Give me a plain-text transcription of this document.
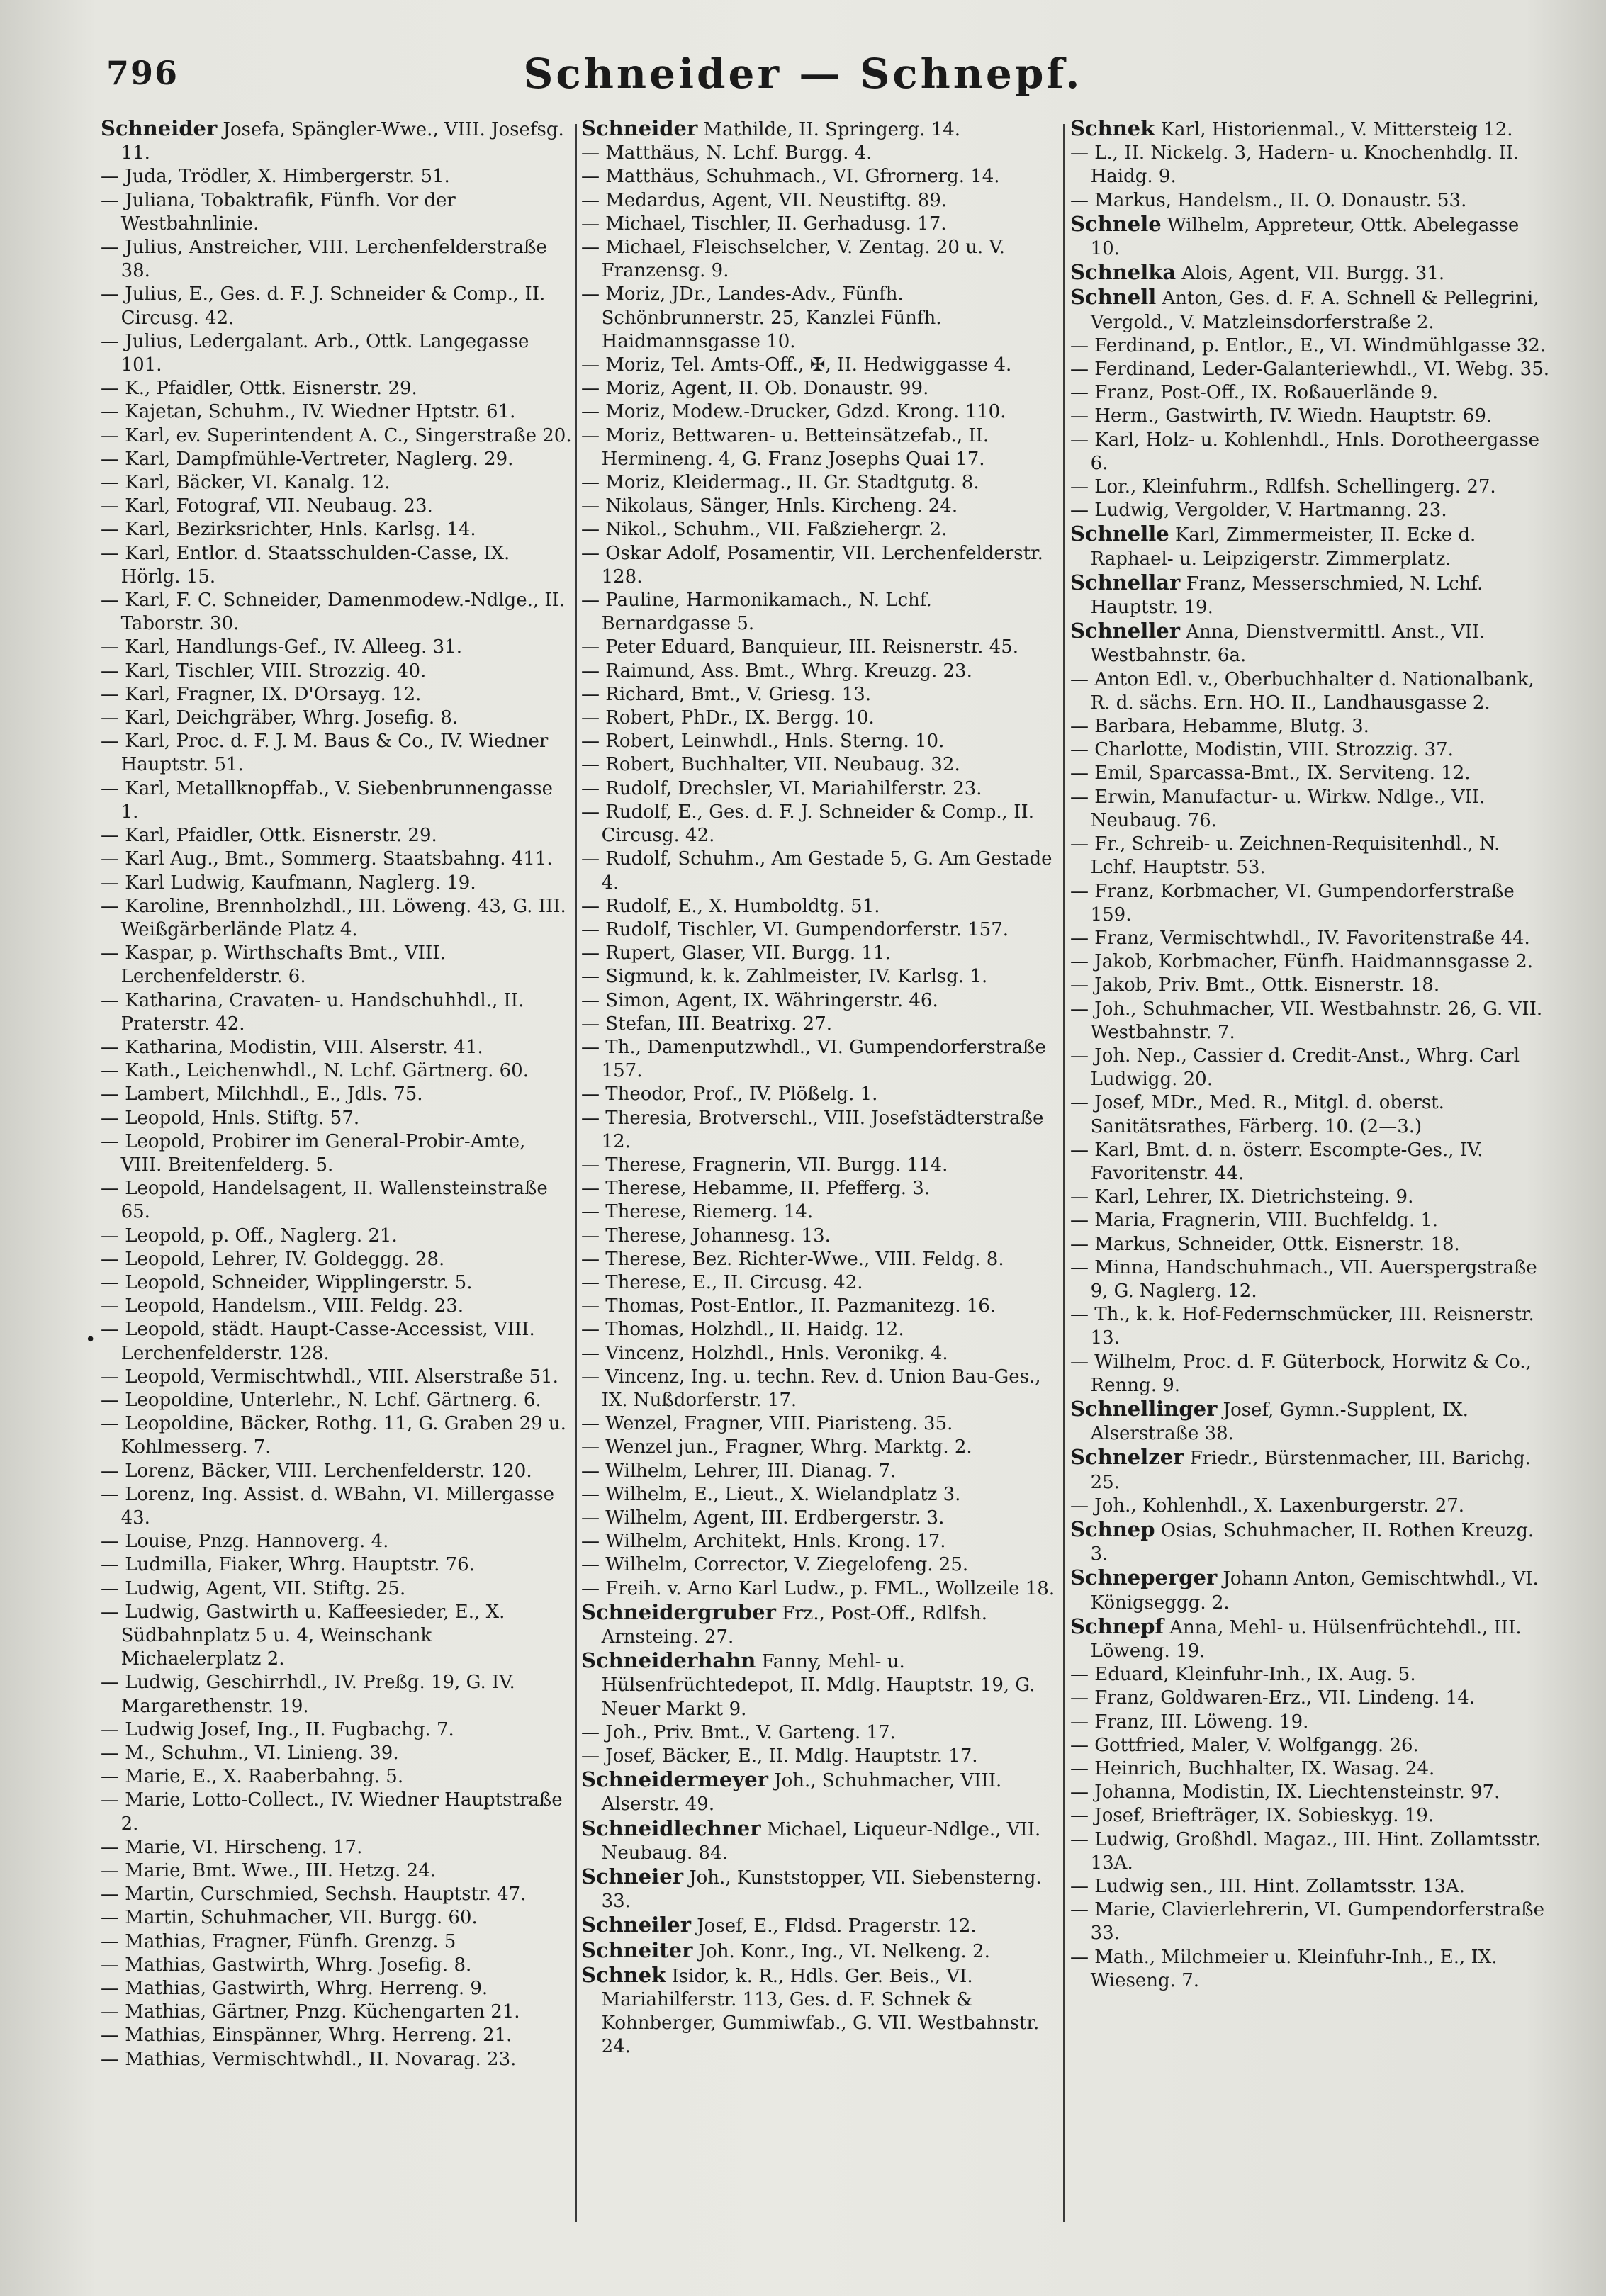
796	Schneider — Schnepf.
•

Schneider Josefa, Spängler-Wwe., VIII. Josefsg. 11.

— Juda, Trödler, X. Himbergerstr. 51.

— Juliana, Tobaktrafik, Fünfh. Vor der Westbahnlinie.

— Julius, Anstreicher, VIII. Lerchenfelderstraße 38.

— Julius, E., Ges. d. F. J. Schneider & Comp., II. Circusg. 42.

— Julius, Ledergalant. Arb., Ottk. Langegasse 101.

— K., Pfaidler, Ottk. Eisnerstr. 29.

— Kajetan, Schuhm., IV. Wiedner Hptstr. 61.

— Karl, ev. Superintendent A. C., Singerstraße 20.

— Karl, Dampfmühle-Vertreter, Naglerg. 29.

— Karl, Bäcker, VI. Kanalg. 12.

— Karl, Fotograf, VII. Neubaug. 23.

— Karl, Bezirksrichter, Hnls. Karlsg. 14.

— Karl, Entlor. d. Staatsschulden-Casse, IX. Hörlg. 15.

— Karl, F. C. Schneider, Damenmodew.-Ndlge., II. Taborstr. 30.

— Karl, Handlungs-Gef., IV. Alleeg. 31.

— Karl, Tischler, VIII. Strozzig. 40.

— Karl, Fragner, IX. D'Orsayg. 12.

— Karl, Deichgräber, Whrg. Josefig. 8.

— Karl, Proc. d. F. J. M. Baus & Co., IV. Wiedner Hauptstr. 51.

— Karl, Metallknopffab., V. Siebenbrunnengasse 1.

— Karl, Pfaidler, Ottk. Eisnerstr. 29.

— Karl Aug., Bmt., Sommerg. Staatsbahng. 411.

— Karl Ludwig, Kaufmann, Naglerg. 19.

— Karoline, Brennholzhdl., III. Löweng. 43, G. III. Weißgärberlände Platz 4.

— Kaspar, p. Wirthschafts Bmt., VIII. Lerchenfelderstr. 6.

— Katharina, Cravaten- u. Handschuhhdl., II. Praterstr. 42.

— Katharina, Modistin, VIII. Alserstr. 41.

— Kath., Leichenwhdl., N. Lchf. Gärtnerg. 60.

— Lambert, Milchhdl., E., Jdls. 75.

— Leopold, Hnls. Stiftg. 57.

— Leopold, Probirer im General-Probir-Amte, VIII. Breitenfelderg. 5.

— Leopold, Handelsagent, II. Wallensteinstraße 65.

— Leopold, p. Off., Naglerg. 21.

— Leopold, Lehrer, IV. Goldeggg. 28.

— Leopold, Schneider, Wipplingerstr. 5.

— Leopold, Handelsm., VIII. Feldg. 23.

— Leopold, städt. Haupt-Casse-Accessist, VIII. Lerchenfelderstr. 128.

— Leopold, Vermischtwhdl., VIII. Alserstraße 51.

— Leopoldine, Unterlehr., N. Lchf. Gärtnerg. 6.

— Leopoldine, Bäcker, Rothg. 11, G. Graben 29 u. Kohlmesserg. 7.

— Lorenz, Bäcker, VIII. Lerchenfelderstr. 120.

— Lorenz, Ing. Assist. d. WBahn, VI. Millergasse 43.

— Louise, Pnzg. Hannoverg. 4.

— Ludmilla, Fiaker, Whrg. Hauptstr. 76.

— Ludwig, Agent, VII. Stiftg. 25.

— Ludwig, Gastwirth u. Kaffeesieder, E., X. Südbahnplatz 5 u. 4, Weinschank Michaelerplatz 2.

— Ludwig, Geschirrhdl., IV. Preßg. 19, G. IV. Margarethenstr. 19.

— Ludwig Josef, Ing., II. Fugbachg. 7.

— M., Schuhm., VI. Linieng. 39.

— Marie, E., X. Raaberbahng. 5.

— Marie, Lotto-Collect., IV. Wiedner Hauptstraße 2.

— Marie, VI. Hirscheng. 17.

— Marie, Bmt. Wwe., III. Hetzg. 24.

— Martin, Curschmied, Sechsh. Hauptstr. 47.

— Martin, Schuhmacher, VII. Burgg. 60.

— Mathias, Fragner, Fünfh. Grenzg. 5

— Mathias, Gastwirth, Whrg. Josefig. 8.

— Mathias, Gastwirth, Whrg. Herreng. 9.

— Mathias, Gärtner, Pnzg. Küchengarten 21.

— Mathias, Einspänner, Whrg. Herreng. 21.

— Mathias, Vermischtwhdl., II. Novarag. 23.

Schneider Mathilde, II. Springerg. 14.

— Matthäus, N. Lchf. Burgg. 4.

— Matthäus, Schuhmach., VI. Gfrornerg. 14.

— Medardus, Agent, VII. Neustiftg. 89.

— Michael, Tischler, II. Gerhadusg. 17.

— Michael, Fleischselcher, V. Zentag. 20 u. V. Franzensg. 9.

— Moriz, JDr., Landes-Adv., Fünfh. Schönbrunnerstr. 25, Kanzlei Fünfh. Haidmannsgasse 10.

— Moriz, Tel. Amts-Off., ✠, II. Hedwiggasse 4.

— Moriz, Agent, II. Ob. Donaustr. 99.

— Moriz, Modew.-Drucker, Gdzd. Krong. 110.

— Moriz, Bettwaren- u. Betteinsätzefab., II. Hermineng. 4, G. Franz Josephs Quai 17.

— Moriz, Kleidermag., II. Gr. Stadtgutg. 8.

— Nikolaus, Sänger, Hnls. Kircheng. 24.

— Nikol., Schuhm., VII. Faßziehergr. 2.

— Oskar Adolf, Posamentir, VII. Lerchenfelderstr. 128.

— Pauline, Harmonikamach., N. Lchf. Bernardgasse 5.

— Peter Eduard, Banquieur, III. Reisnerstr. 45.

— Raimund, Ass. Bmt., Whrg. Kreuzg. 23.

— Richard, Bmt., V. Griesg. 13.

— Robert, PhDr., IX. Bergg. 10.

— Robert, Leinwhdl., Hnls. Sterng. 10.

— Robert, Buchhalter, VII. Neubaug. 32.

— Rudolf, Drechsler, VI. Mariahilferstr. 23.

— Rudolf, E., Ges. d. F. J. Schneider & Comp., II. Circusg. 42.

— Rudolf, Schuhm., Am Gestade 5, G. Am Gestade 4.

— Rudolf, E., X. Humboldtg. 51.

— Rudolf, Tischler, VI. Gumpendorferstr. 157.

— Rupert, Glaser, VII. Burgg. 11.

— Sigmund, k. k. Zahlmeister, IV. Karlsg. 1.

— Simon, Agent, IX. Währingerstr. 46.

— Stefan, III. Beatrixg. 27.

— Th., Damenputzwhdl., VI. Gumpendorferstraße 157.

— Theodor, Prof., IV. Plößelg. 1.

— Theresia, Brotverschl., VIII. Josefstädterstraße 12.

— Therese, Fragnerin, VII. Burgg. 114.

— Therese, Hebamme, II. Pfefferg. 3.

— Therese, Riemerg. 14.

— Therese, Johannesg. 13.

— Therese, Bez. Richter-Wwe., VIII. Feldg. 8.

— Therese, E., II. Circusg. 42.

— Thomas, Post-Entlor., II. Pazmanitezg. 16.

— Thomas, Holzhdl., II. Haidg. 12.

— Vincenz, Holzhdl., Hnls. Veronikg. 4.

— Vincenz, Ing. u. techn. Rev. d. Union Bau-Ges., IX. Nußdorferstr. 17.

— Wenzel, Fragner, VIII. Piaristeng. 35.

— Wenzel jun., Fragner, Whrg. Marktg. 2.

— Wilhelm, Lehrer, III. Dianag. 7.

— Wilhelm, E., Lieut., X. Wielandplatz 3.

— Wilhelm, Agent, III. Erdbergerstr. 3.

— Wilhelm, Architekt, Hnls. Krong. 17.

— Wilhelm, Corrector, V. Ziegelofeng. 25.

— Freih. v. Arno Karl Ludw., p. FML., Wollzeile 18.

Schneidergruber Frz., Post-Off., Rdlfsh. Arnsteing. 27.

Schneiderhahn Fanny, Mehl- u. Hülsenfrüchtedepot, II. Mdlg. Hauptstr. 19, G. Neuer Markt 9.

— Joh., Priv. Bmt., V. Garteng. 17.

— Josef, Bäcker, E., II. Mdlg. Hauptstr. 17.

Schneidermeyer Joh., Schuhmacher, VIII. Alserstr. 49.

Schneidlechner Michael, Liqueur-Ndlge., VII. Neubaug. 84.

Schneier Joh., Kunststopper, VII. Siebensterng. 33.

Schneiler Josef, E., Fldsd. Pragerstr. 12.

Schneiter Joh. Konr., Ing., VI. Nelkeng. 2.

Schnek Isidor, k. R., Hdls. Ger. Beis., VI. Mariahilferstr. 113, Ges. d. F. Schnek & Kohnberger, Gummiwfab., G. VII. Westbahnstr. 24.

Schnek Karl, Historienmal., V. Mittersteig 12.

— L., II. Nickelg. 3, Hadern- u. Knochenhdlg. II. Haidg. 9.

— Markus, Handelsm., II. O. Donaustr. 53.

Schnele Wilhelm, Appreteur, Ottk. Abelegasse 10.

Schnelka Alois, Agent, VII. Burgg. 31.

Schnell Anton, Ges. d. F. A. Schnell & Pellegrini, Vergold., V. Matzleinsdorferstraße 2.

— Ferdinand, p. Entlor., E., VI. Windmühlgasse 32.

— Ferdinand, Leder-Galanteriewhdl., VI. Webg. 35.

— Franz, Post-Off., IX. Roßauerlände 9.

— Herm., Gastwirth, IV. Wiedn. Hauptstr. 69.

— Karl, Holz- u. Kohlenhdl., Hnls. Dorotheergasse 6.

— Lor., Kleinfuhrm., Rdlfsh. Schellingerg. 27.

— Ludwig, Vergolder, V. Hartmanng. 23.

Schnelle Karl, Zimmermeister, II. Ecke d. Raphael- u. Leipzigerstr. Zimmerplatz.

Schnellar Franz, Messerschmied, N. Lchf. Hauptstr. 19.

Schneller Anna, Dienstvermittl. Anst., VII. Westbahnstr. 6a.

— Anton Edl. v., Oberbuchhalter d. Nationalbank, R. d. sächs. Ern. HO. II., Landhausgasse 2.

— Barbara, Hebamme, Blutg. 3.

— Charlotte, Modistin, VIII. Strozzig. 37.

— Emil, Sparcassa-Bmt., IX. Serviteng. 12.

— Erwin, Manufactur- u. Wirkw. Ndlge., VII. Neubaug. 76.

— Fr., Schreib- u. Zeichnen-Requisitenhdl., N. Lchf. Hauptstr. 53.

— Franz, Korbmacher, VI. Gumpendorferstraße 159.

— Franz, Vermischtwhdl., IV. Favoritenstraße 44.

— Jakob, Korbmacher, Fünfh. Haidmannsgasse 2.

— Jakob, Priv. Bmt., Ottk. Eisnerstr. 18.

— Joh., Schuhmacher, VII. Westbahnstr. 26, G. VII. Westbahnstr. 7.

— Joh. Nep., Cassier d. Credit-Anst., Whrg. Carl Ludwigg. 20.

— Josef, MDr., Med. R., Mitgl. d. oberst. Sanitätsrathes, Färberg. 10. (2—3.)

— Karl, Bmt. d. n. österr. Escompte-Ges., IV. Favoritenstr. 44.

— Karl, Lehrer, IX. Dietrichsteing. 9.

— Maria, Fragnerin, VIII. Buchfeldg. 1.

— Markus, Schneider, Ottk. Eisnerstr. 18.

— Minna, Handschuhmach., VII. Auerspergstraße 9, G. Naglerg. 12.

— Th., k. k. Hof-Federnschmücker, III. Reisnerstr. 13.

— Wilhelm, Proc. d. F. Güterbock, Horwitz & Co., Renng. 9.

Schnellinger Josef, Gymn.-Supplent, IX. Alserstraße 38.

Schnelzer Friedr., Bürstenmacher, III. Barichg. 25.

— Joh., Kohlenhdl., X. Laxenburgerstr. 27.

Schnep Osias, Schuhmacher, II. Rothen Kreuzg. 3.

Schneperger Johann Anton, Gemischtwhdl., VI. Königseggg. 2.

Schnepf Anna, Mehl- u. Hülsenfrüchtehdl., III. Löweng. 19.

— Eduard, Kleinfuhr-Inh., IX. Aug. 5.

— Franz, Goldwaren-Erz., VII. Lindeng. 14.

— Franz, III. Löweng. 19.

— Gottfried, Maler, V. Wolfgangg. 26.

— Heinrich, Buchhalter, IX. Wasag. 24.

— Johanna, Modistin, IX. Liechtensteinstr. 97.

— Josef, Briefträger, IX. Sobieskyg. 19.

— Ludwig, Großhdl. Magaz., III. Hint. Zollamtsstr. 13A.

— Ludwig sen., III. Hint. Zollamtsstr. 13A.

— Marie, Clavierlehrerin, VI. Gumpendorferstraße 33.

— Math., Milchmeier u. Kleinfuhr-Inh., E., IX. Wieseng. 7.
